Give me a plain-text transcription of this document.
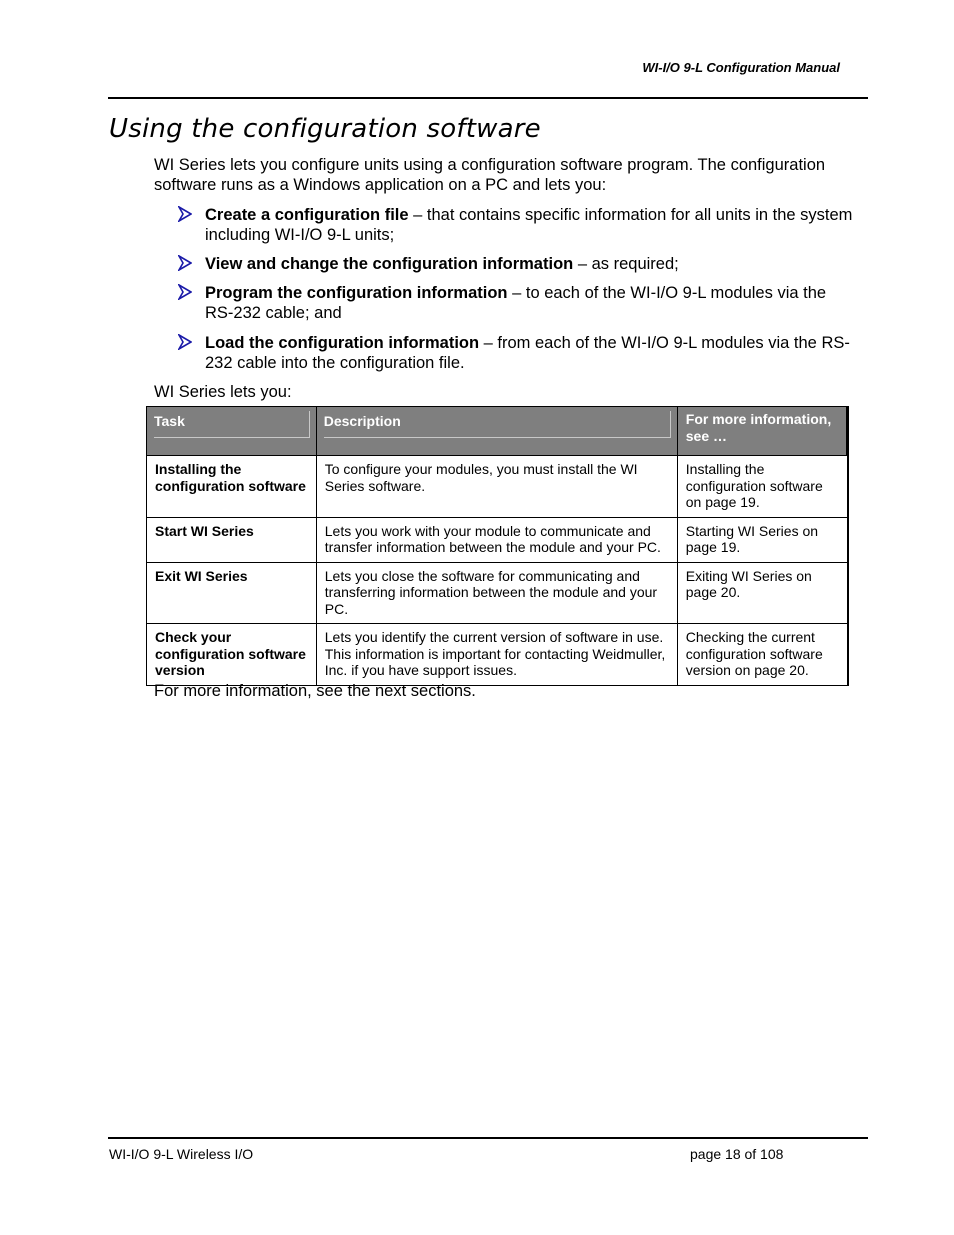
WI-I/O 9-L Configuration Manual
Using the configuration software

WI Series lets you configure units using a configuration software program. The configuration software runs as a Windows application on a PC and lets you:

Create a configuration file – that contains specific information for all units in the system including WI-I/O 9-L units;
View and change the configuration information – as required;
Program the configuration information – to each of the WI-I/O 9-L modules via the RS-232 cable; and
Load the configuration information – from each of the WI-I/O 9-L modules via the RS-232 cable into the configuration file.

WI Series lets you:

Task	Description	For more information, see …
Installing the configuration software	To configure your modules, you must install the WI Series software.	Installing the configuration software on page 19.
Start WI Series	Lets you work with your module to communicate and transfer information between the module and your PC.	Starting WI Series on page 19.
Exit WI Series	Lets you close the software for communicating and transferring information between the module and your PC.	Exiting WI Series on page 20.
Check your configuration software version	Lets you identify the current version of software in use. This information is important for contacting Weidmuller, Inc. if you have support issues.	Checking the current configuration software version on page 20.

For more information, see the next sections.

WI-I/O 9-L Wireless I/O	page 18 of 108
